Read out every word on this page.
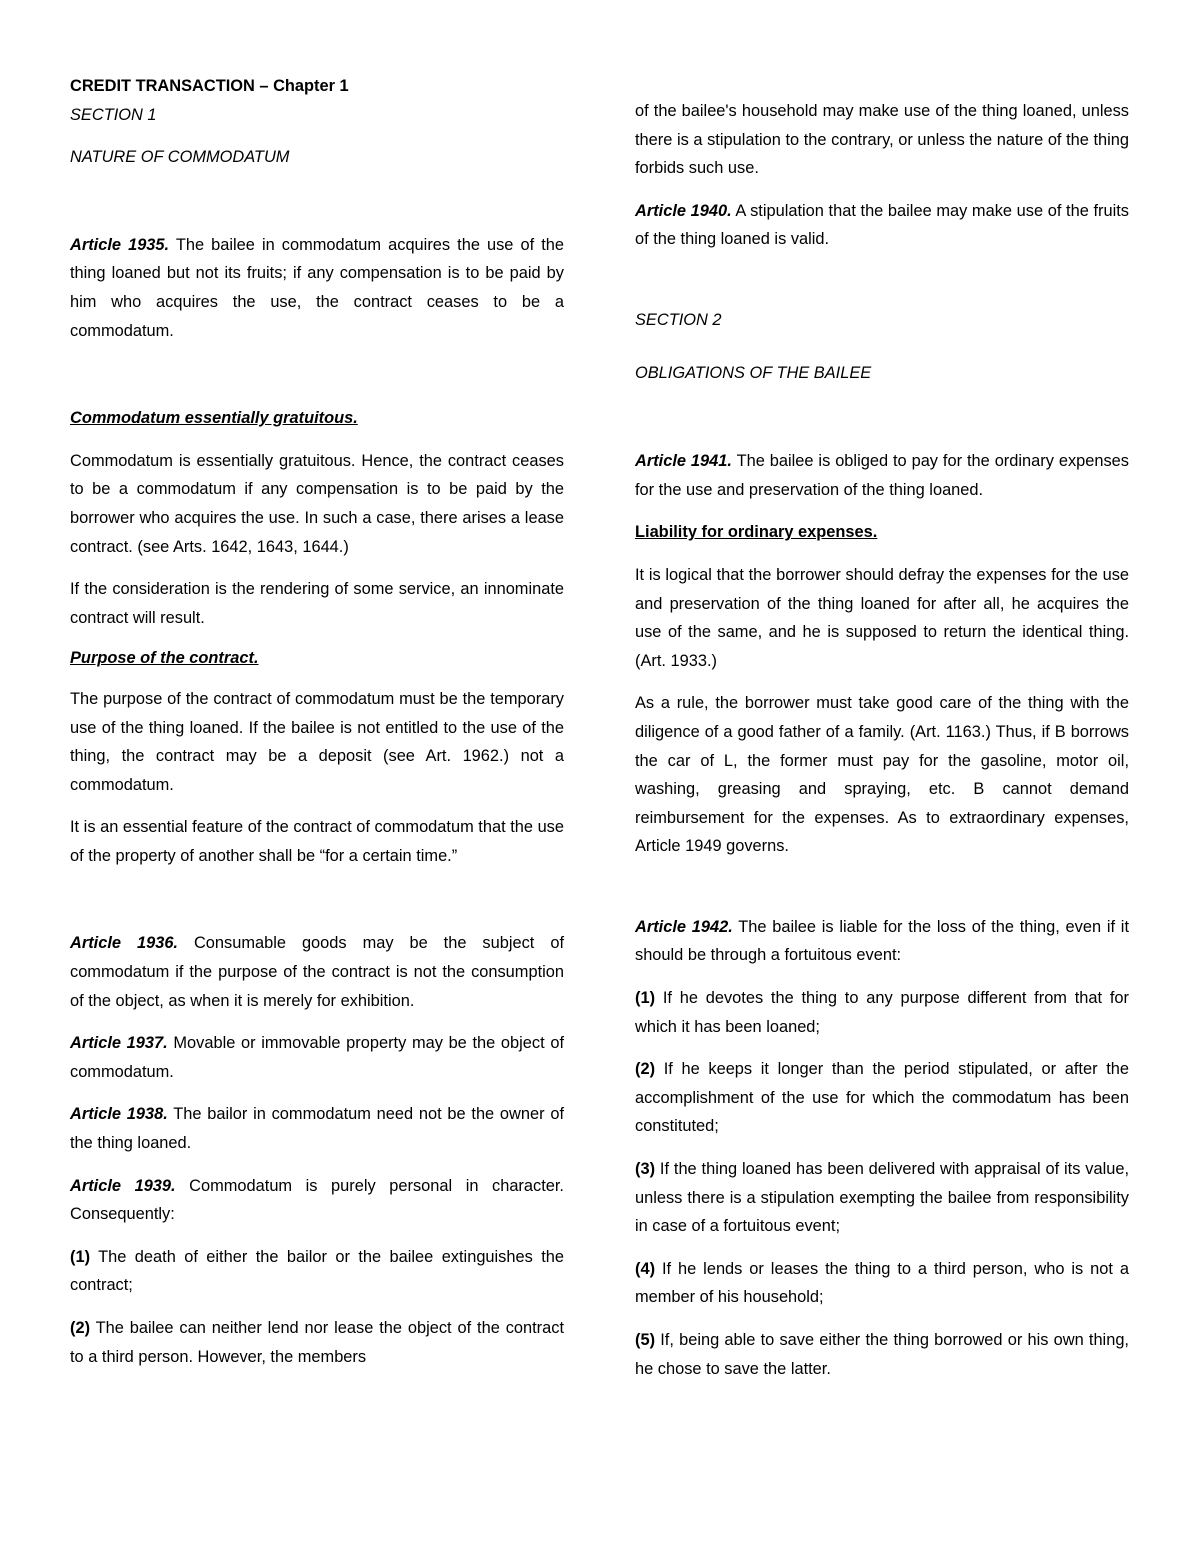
CREDIT TRANSACTION – Chapter 1

SECTION 1

NATURE OF COMMODATUM

Article 1935. The bailee in commodatum acquires the use of the thing loaned but not its fruits; if any compensation is to be paid by him who acquires the use, the contract ceases to be a commodatum.

Commodatum essentially gratuitous.

Commodatum is essentially gratuitous. Hence, the contract ceases to be a commodatum if any compensation is to be paid by the borrower who acquires the use. In such a case, there arises a lease contract. (see Arts. 1642, 1643, 1644.)

If the consideration is the rendering of some service, an innominate contract will result.

Purpose of the contract.

The purpose of the contract of commodatum must be the temporary use of the thing loaned. If the bailee is not entitled to the use of the thing, the contract may be a deposit (see Art. 1962.) not a commodatum.

It is an essential feature of the contract of commodatum that the use of the property of another shall be “for a certain time.”

Article 1936. Consumable goods may be the subject of commodatum if the purpose of the contract is not the consumption of the object, as when it is merely for exhibition.

Article 1937. Movable or immovable property may be the object of commodatum.

Article 1938. The bailor in commodatum need not be the owner of the thing loaned.

Article 1939. Commodatum is purely personal in character. Consequently:

(1) The death of either the bailor or the bailee extinguishes the contract;

(2) The bailee can neither lend nor lease the object of the contract to a third person. However, the members

of the bailee's household may make use of the thing loaned, unless there is a stipulation to the contrary, or unless the nature of the thing forbids such use.

Article 1940. A stipulation that the bailee may make use of the fruits of the thing loaned is valid.

SECTION 2

OBLIGATIONS OF THE BAILEE

Article 1941. The bailee is obliged to pay for the ordinary expenses for the use and preservation of the thing loaned.

Liability for ordinary expenses.

It is logical that the borrower should defray the expenses for the use and preservation of the thing loaned for after all, he acquires the use of the same, and he is supposed to return the identical thing. (Art. 1933.)

As a rule, the borrower must take good care of the thing with the diligence of a good father of a family. (Art. 1163.) Thus, if B borrows the car of L, the former must pay for the gasoline, motor oil, washing, greasing and spraying, etc. B cannot demand reimbursement for the expenses. As to extraordinary expenses, Article 1949 governs.

Article 1942. The bailee is liable for the loss of the thing, even if it should be through a fortuitous event:

(1) If he devotes the thing to any purpose different from that for which it has been loaned;

(2) If he keeps it longer than the period stipulated, or after the accomplishment of the use for which the commodatum has been constituted;

(3) If the thing loaned has been delivered with appraisal of its value, unless there is a stipulation exempting the bailee from responsibility in case of a fortuitous event;

(4) If he lends or leases the thing to a third person, who is not a member of his household;

(5) If, being able to save either the thing borrowed or his own thing, he chose to save the latter.
